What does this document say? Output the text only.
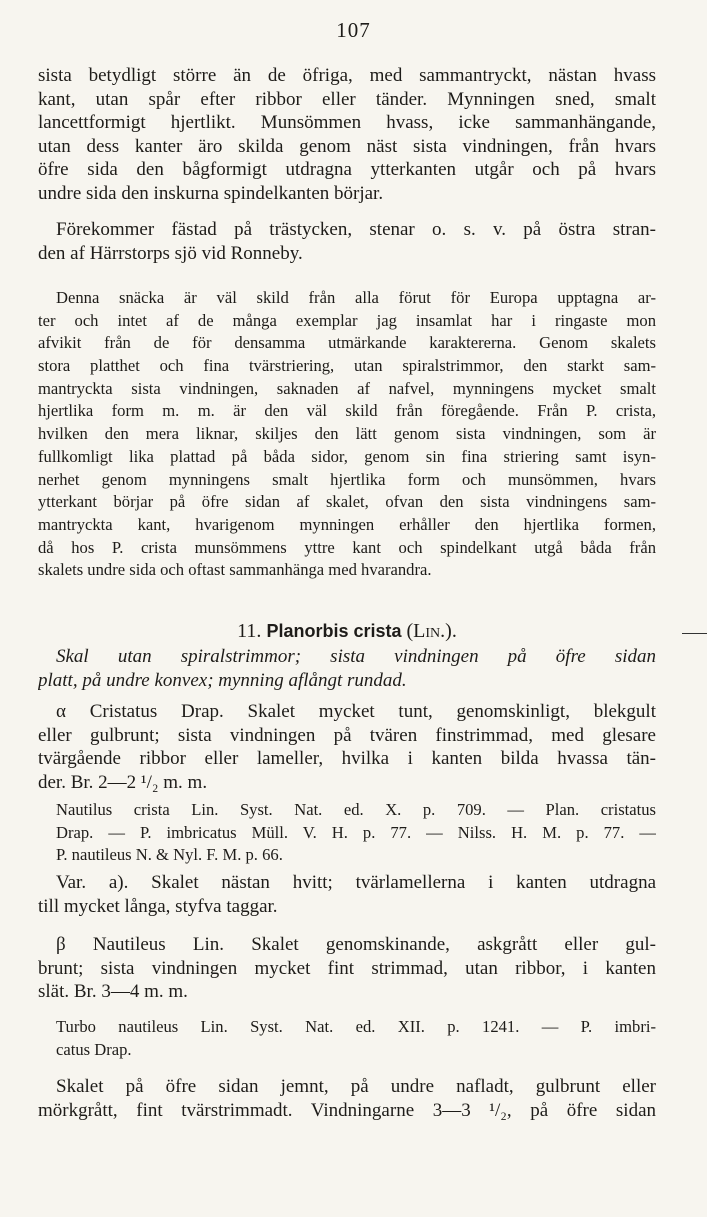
107
sista betydligt större än de öfriga, med sammantryckt, nästan hvass
kant, utan spår efter ribbor eller tänder. Mynningen sned, smalt
lancettformigt hjertlikt. Munsömmen hvass, icke sammanhängande,
utan dess kanter äro skilda genom näst sista vindningen, från hvars
öfre sida den bågformigt utdragna ytterkanten utgår och på hvars
undre sida den inskurna spindelkanten börjar.
Förekommer fästad på trästycken, stenar o. s. v. på östra stran-
den af Härrstorps sjö vid Ronneby.
Denna snäcka är väl skild från alla förut för Europa upptagna ar-
ter och intet af de många exemplar jag insamlat har i ringaste mon
afvikit från de för densamma utmärkande karaktererna. Genom skalets
stora platthet och fina tvärstriering, utan spiralstrimmor, den starkt sam-
mantryckta sista vindningen, saknaden af nafvel, mynningens mycket smalt
hjertlika form m. m. är den väl skild från föregående. Från P. crista,
hvilken den mera liknar, skiljes den lätt genom sista vindningen, som är
fullkomligt lika plattad på båda sidor, genom sin fina striering samt isyn-
nerhet genom mynningens smalt hjertlika form och munsömmen, hvars
ytterkant börjar på öfre sidan af skalet, ofvan den sista vindningens sam-
mantryckta kant, hvarigenom mynningen erhåller den hjertlika formen,
då hos P. crista munsömmens yttre kant och spindelkant utgå båda från
skalets undre sida och oftast sammanhänga med hvarandra.
11. Planorbis crista (Lin.).
Skal utan spiralstrimmor; sista vindningen på öfre sidan
platt, på undre konvex; mynning aflångt rundad.
α Cristatus Drap. Skalet mycket tunt, genomskinligt, blekgult
eller gulbrunt; sista vindningen på tvären finstrimmad, med glesare
tvärgående ribbor eller lameller, hvilka i kanten bilda hvassa tän-
der. Br. 2—2 ¹/₂ m. m.
Nautilus crista Lin. Syst. Nat. ed. X. p. 709. — Plan. cristatus
Drap. — P. imbricatus Müll. V. H. p. 77. — Nilss. H. M. p. 77. —
P. nautileus N. & Nyl. F. M. p. 66.
Var. a). Skalet nästan hvitt; tvärlamellerna i kanten utdragna
till mycket långa, styfva taggar.
β Nautileus Lin. Skalet genomskinande, askgrått eller gul-
brunt; sista vindningen mycket fint strimmad, utan ribbor, i kanten
slät. Br. 3—4 m. m.
Turbo nautileus Lin. Syst. Nat. ed. XII. p. 1241. — P. imbri-
catus Drap.
Skalet på öfre sidan jemnt, på undre nafladt, gulbrunt eller
mörkgrått, fint tvärstrimmadt. Vindningarne 3—3 ¹/₂, på öfre sidan
